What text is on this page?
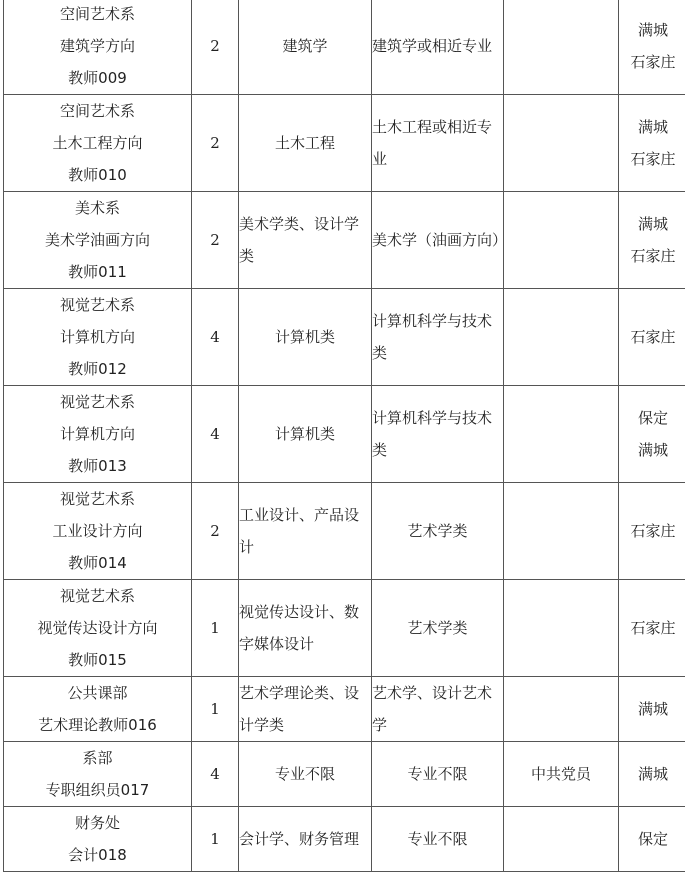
空间艺术系
建筑学方向
教师009	2	建筑学	建筑学或相近专业		满城
石家庄

空间艺术系
土木工程方向
教师010	2	土木工程	土木工程或相近专业		满城
石家庄

美术系
美术学油画方向
教师011	2	美术学类、设计学类	美术学（油画方向）		满城
石家庄

视觉艺术系
计算机方向
教师012	4	计算机类	计算机科学与技术类		石家庄

视觉艺术系
计算机方向
教师013	4	计算机类	计算机科学与技术类		保定
满城

视觉艺术系
工业设计方向
教师014	2	工业设计、产品设计	艺术学类		石家庄

视觉艺术系
视觉传达设计方向
教师015	1	视觉传达设计、数字媒体设计	艺术学类		石家庄

公共课部
艺术理论教师016	1	艺术学理论类、设计学类	艺术学、设计艺术学		满城

系部
专职组织员017	4	专业不限	专业不限	中共党员	满城

财务处
会计018	1	会计学、财务管理	专业不限		保定
